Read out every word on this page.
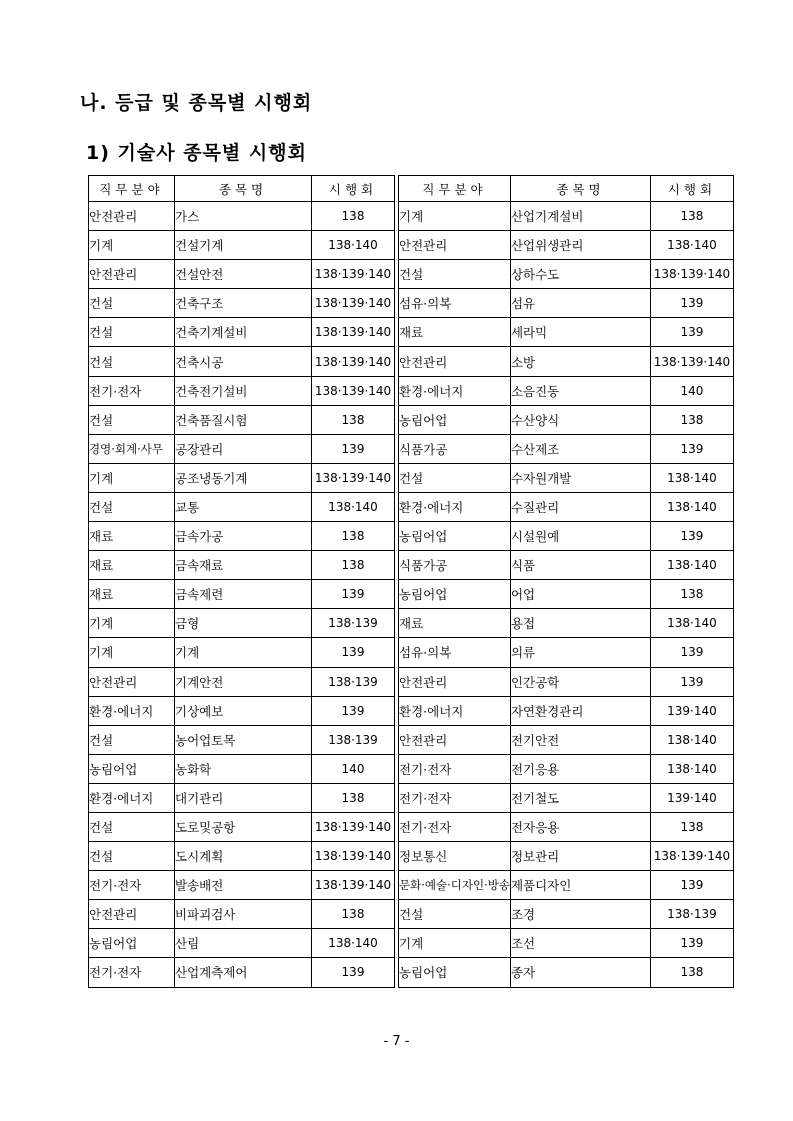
나. 등급 및 종목별 시행회
1) 기술사 종목별 시행회
직무분야	종목명	시행회
안전관리	가스	138
기계	건설기계	138·140
안전관리	건설안전	138·139·140
건설	건축구조	138·139·140
건설	건축기계설비	138·139·140
건설	건축시공	138·139·140
전기·전자	건축전기설비	138·139·140
건설	건축품질시험	138
경영·회계·사무	공장관리	139
기계	공조냉동기계	138·139·140
건설	교통	138·140
재료	금속가공	138
재료	금속재료	138
재료	금속제련	139
기계	금형	138·139
기계	기계	139
안전관리	기계안전	138·139
환경·에너지	기상예보	139
건설	농어업토목	138·139
농림어업	농화학	140
환경·에너지	대기관리	138
건설	도로및공항	138·139·140
건설	도시계획	138·139·140
전기·전자	발송배전	138·139·140
안전관리	비파괴검사	138
농림어업	산림	138·140
전기·전자	산업계측제어	139
직무분야	종목명	시행회
기계	산업기계설비	138
안전관리	산업위생관리	138·140
건설	상하수도	138·139·140
섬유·의복	섬유	139
재료	세라믹	139
안전관리	소방	138·139·140
환경·에너지	소음진동	140
농림어업	수산양식	138
식품가공	수산제조	139
건설	수자원개발	138·140
환경·에너지	수질관리	138·140
농림어업	시설원예	139
식품가공	식품	138·140
농림어업	어업	138
재료	용접	138·140
섬유·의복	의류	139
안전관리	인간공학	139
환경·에너지	자연환경관리	139·140
안전관리	전기안전	138·140
전기·전자	전기응용	138·140
전기·전자	전기철도	139·140
전기·전자	전자응용	138
정보통신	정보관리	138·139·140
문화·예술·디자인·방송	제품디자인	139
건설	조경	138·139
기계	조선	139
농림어업	종자	138
- 7 -
